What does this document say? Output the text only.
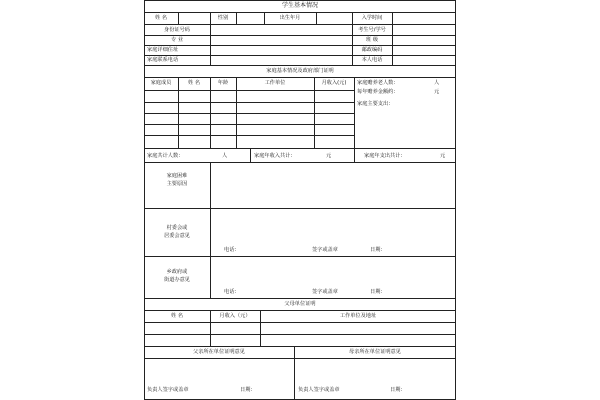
学生基本情况
姓 名	性别	出生年月	入学时间
身份证号码	考生号/学号
专 业	班 级
家庭详细住址	邮政编码
家庭联系电话	本人电话
家庭基本情况及政府部门证明
家庭成员	姓 名	年龄	工作单位	月收入(元)	家庭赡养老人数：	人
每年赡养金额约：	元
家庭主要支出：
家庭共计人数：	人	家庭年收入共计：	元	家庭年支出共计：	元
家庭困难
主要原因
村委会或
居委会意见
电话：	签字或盖章	日期：
乡政府或
街道办意见
电话：	签字或盖章	日期：
父母单位证明
姓 名	月收入（元）	工作单位及地址
父亲所在单位证明意见	母亲所在单位证明意见
负责人签字或盖章	日期：	负责人签字或盖章	日期：
